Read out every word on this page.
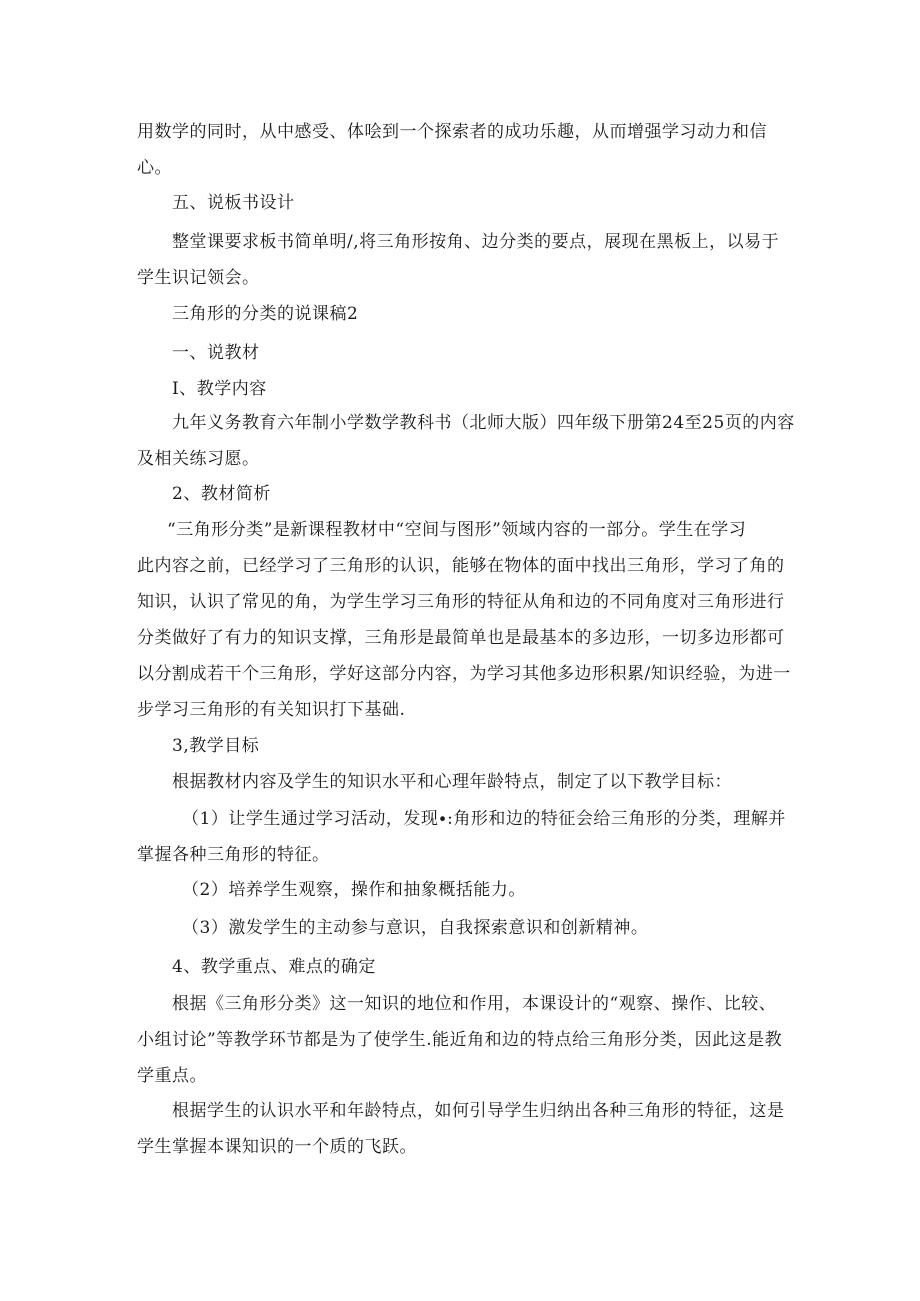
用数学的同时，从中感受、体哙到一个探索者的成功乐趣，从而增强学习动力和信
心。

五、说板书设计

整堂课要求板书简单明/,将三角形按角、边分类的要点，展现在黑板上，以易于
学生识记领会。

三角形的分类的说课稿2

一、说教材

I、教学内容

九年义务教育六年制小学数学教科书（北师大版）四年级下册第24至25页的内容
及相关练习愿。

2、教材简析

“三角形分类”是新课程教材中“空间与图形”领域内容的一部分。学生在学习
此内容之前，已经学习了三角形的认识，能够在物体的面中找出三角形，学习了角的
知识，认识了常见的角，为学生学习三角形的特征从角和边的不同角度对三角形进行
分类做好了有力的知识支撑，三角形是最简单也是最基本的多边形，一切多边形都可
以分割成若干个三角形，学好这部分内容，为学习其他多边形积累/知识经验，为进一
步学习三角形的有关知识打下基础.

3,教学目标

根据教材内容及学生的知识水平和心理年龄特点，制定了以下教学目标：

（1）让学生通过学习活动，发现∙:角形和边的特征会给三角形的分类，理解并
掌握各种三角形的特征。

（2）培养学生观察，操作和抽象概括能力。

（3）激发学生的主动参与意识，自我探索意识和创新精神。

4、教学重点、难点的确定

根据《三角形分类》这一知识的地位和作用，本课设计的“观察、操作、比较、
小组讨论”等教学环节都是为了使学生.能近角和边的特点给三角形分类，因此这是教
学重点。

根据学生的认识水平和年龄特点，如何引导学生归纳出各种三角形的特征，这是
学生掌握本课知识的一个质的飞跃。
